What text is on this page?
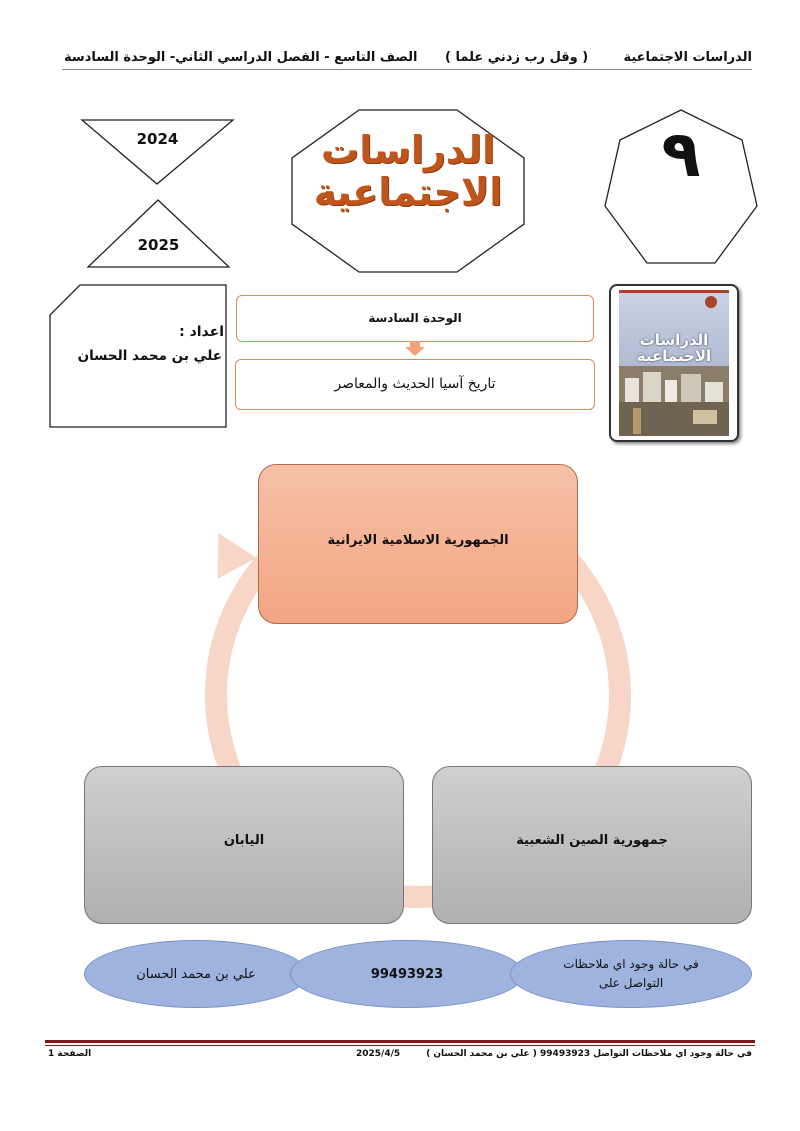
الدراسات الاجتماعية
( وقل رب زدني علما )
الصف التاسع - الفصل الدراسي الثاني- الوحدة السادسة
2024
2025
الدراسات
الاجتماعية	٩
اعداد :
علي بن محمد الحسان
الوحدة السادسة
تاريخ آسيا الحديث والمعاصر
الدراسات
الاجتماعية
الجمهورية الاسلامية الايرانية
اليابان	جمهورية الصين الشعبية
علي بن محمد الحسان	99493923
في حالة وجود اي ملاحظات التواصل على
في حالة وجود اي ملاحظات التواصل 99493923 ( علي بن محمد الحسان )
2025/4/5
الصفحة 1
